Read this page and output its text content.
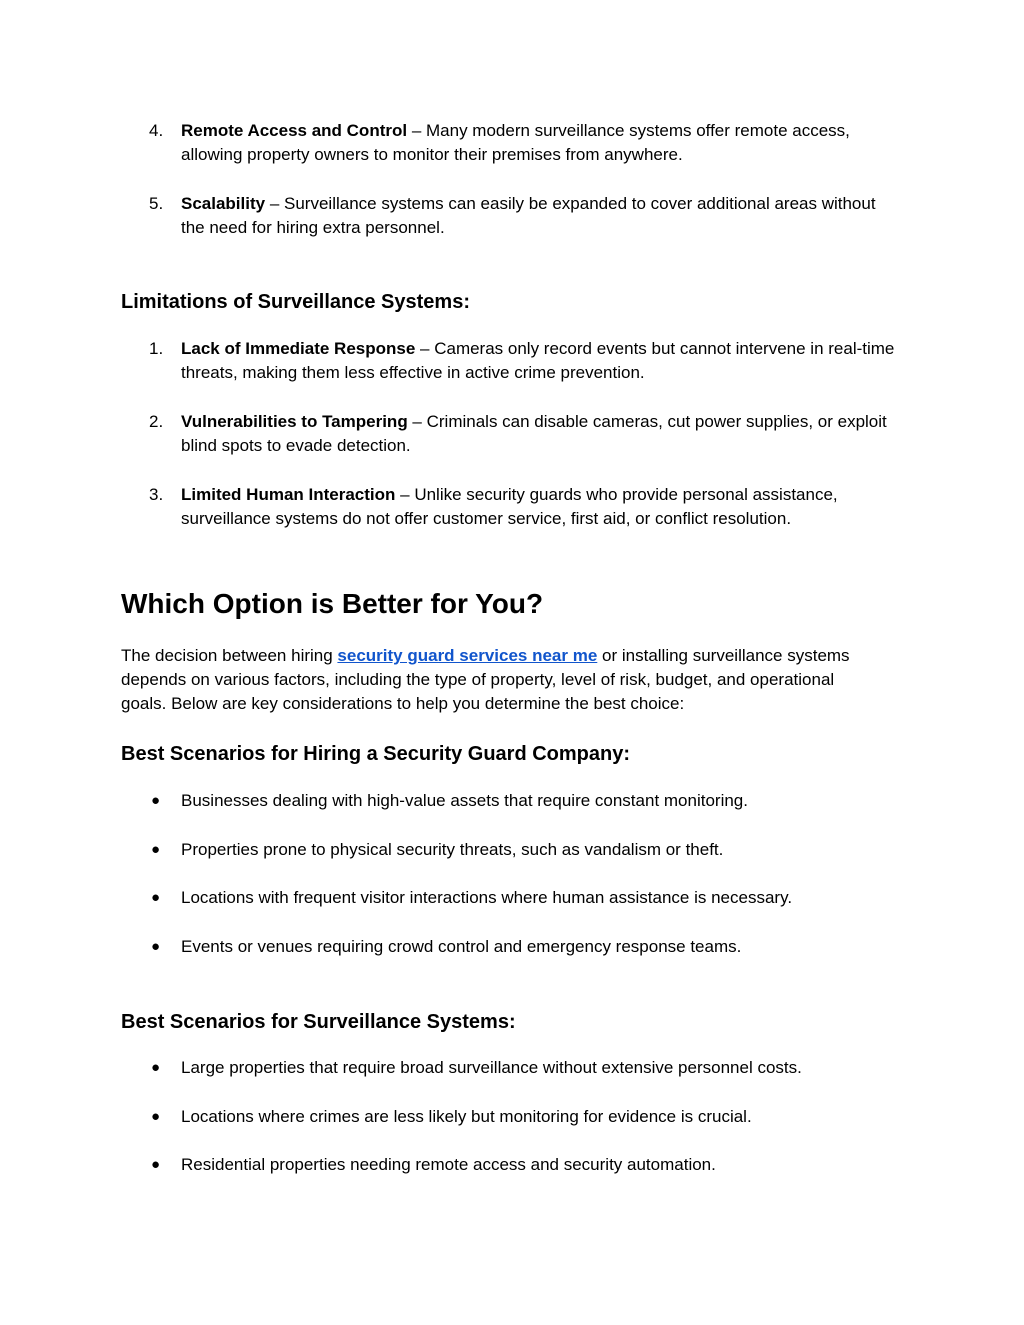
4.	Remote Access and Control – Many modern surveillance systems offer remote access, allowing property owners to monitor their premises from anywhere.
5.	Scalability – Surveillance systems can easily be expanded to cover additional areas without the need for hiring extra personnel.
Limitations of Surveillance Systems:
1.	Lack of Immediate Response – Cameras only record events but cannot intervene in real-time threats, making them less effective in active crime prevention.
2.	Vulnerabilities to Tampering – Criminals can disable cameras, cut power supplies, or exploit blind spots to evade detection.
3.	Limited Human Interaction – Unlike security guards who provide personal assistance, surveillance systems do not offer customer service, first aid, or conflict resolution.
Which Option is Better for You?
The decision between hiring security guard services near me or installing surveillance systems depends on various factors, including the type of property, level of risk, budget, and operational goals. Below are key considerations to help you determine the best choice:
Best Scenarios for Hiring a Security Guard Company:
● Businesses dealing with high-value assets that require constant monitoring.
● Properties prone to physical security threats, such as vandalism or theft.
● Locations with frequent visitor interactions where human assistance is necessary.
● Events or venues requiring crowd control and emergency response teams.
Best Scenarios for Surveillance Systems:
● Large properties that require broad surveillance without extensive personnel costs.
● Locations where crimes are less likely but monitoring for evidence is crucial.
● Residential properties needing remote access and security automation.
